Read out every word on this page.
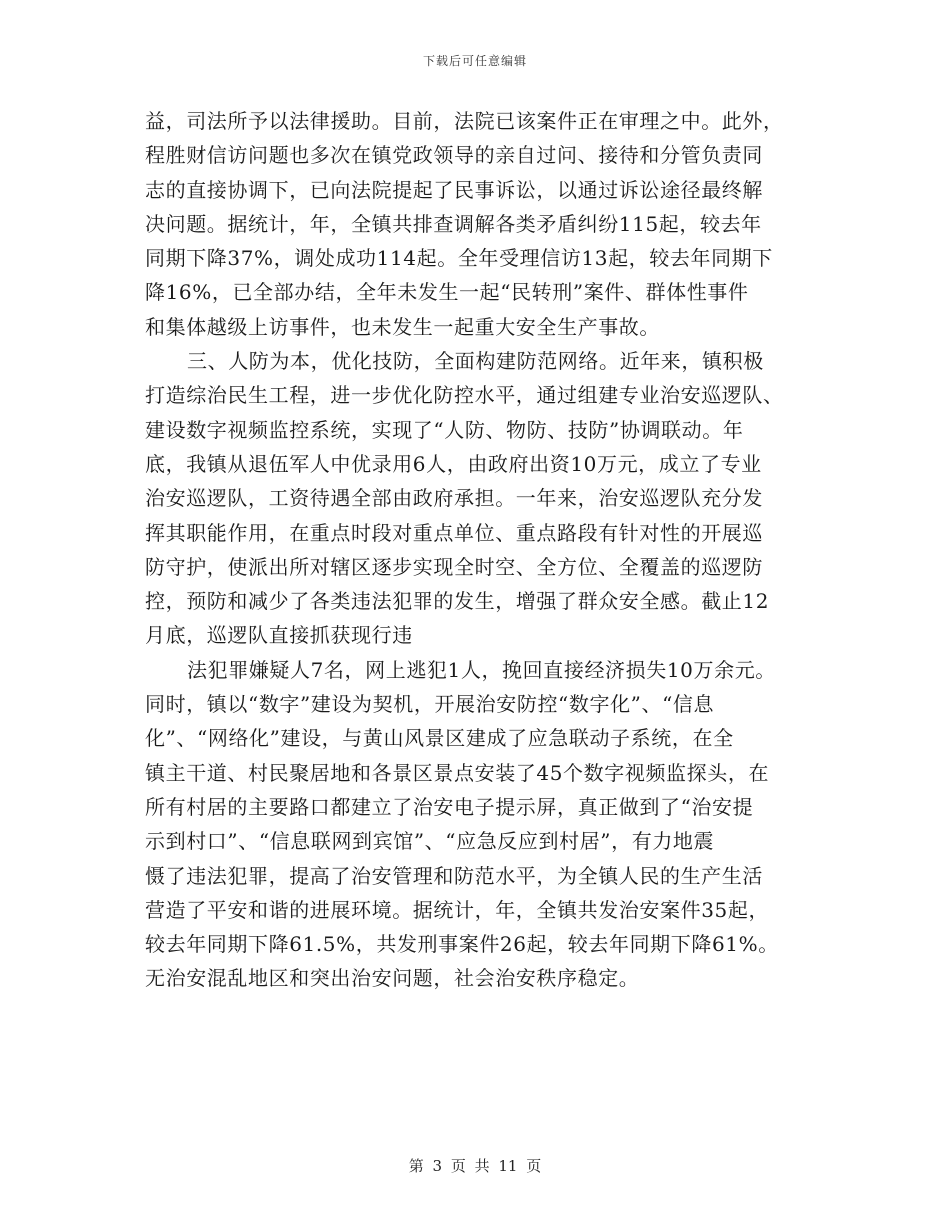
下载后可任意编辑
益，司法所予以法律援助。目前，法院已该案件正在审理之中。此外，
程胜财信访问题也多次在镇党政领导的亲自过问、接待和分管负责同
志的直接协调下，已向法院提起了民事诉讼，以通过诉讼途径最终解
决问题。据统计，年，全镇共排查调解各类矛盾纠纷115起，较去年
同期下降37%，调处成功114起。全年受理信访13起，较去年同期下
降16%，已全部办结，全年未发生一起“民转刑”案件、群体性事件
和集体越级上访事件，也未发生一起重大安全生产事故。
三、人防为本，优化技防，全面构建防范网络。近年来，镇积极
打造综治民生工程，进一步优化防控水平，通过组建专业治安巡逻队、
建设数字视频监控系统，实现了“人防、物防、技防”协调联动。年
底，我镇从退伍军人中优录用6人，由政府出资10万元，成立了专业
治安巡逻队，工资待遇全部由政府承担。一年来，治安巡逻队充分发
挥其职能作用，在重点时段对重点单位、重点路段有针对性的开展巡
防守护，使派出所对辖区逐步实现全时空、全方位、全覆盖的巡逻防
控，预防和减少了各类违法犯罪的发生，增强了群众安全感。截止12
月底，巡逻队直接抓获现行违
法犯罪嫌疑人7名，网上逃犯1人，挽回直接经济损失10万余元。
同时，镇以“数字”建设为契机，开展治安防控“数字化”、“信息
化”、“网络化”建设，与黄山风景区建成了应急联动子系统，在全
镇主干道、村民聚居地和各景区景点安装了45个数字视频监探头，在
所有村居的主要路口都建立了治安电子提示屏，真正做到了“治安提
示到村口”、“信息联网到宾馆”、“应急反应到村居”，有力地震
慑了违法犯罪，提高了治安管理和防范水平，为全镇人民的生产生活
营造了平安和谐的进展环境。据统计，年，全镇共发治安案件35起，
较去年同期下降61.5%，共发刑事案件26起，较去年同期下降61%。
无治安混乱地区和突出治安问题，社会治安秩序稳定。
第 3 页 共 11 页
